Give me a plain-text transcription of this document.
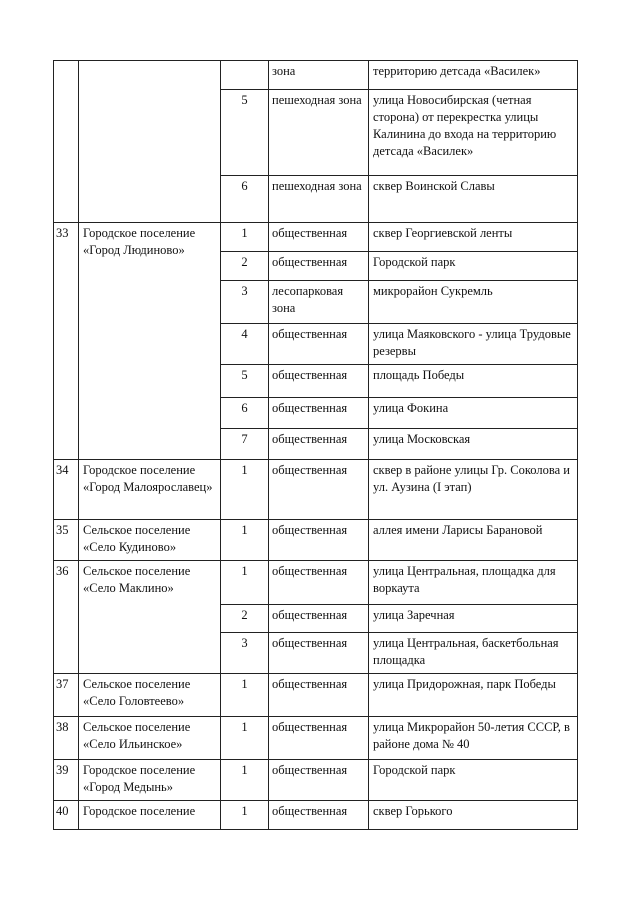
			зона	территорию детсада «Василек»
		5	пешеходная зона	улица Новосибирская (четная сторона) от перекрестка улицы Калинина до входа на территорию детсада «Василек»
		6	пешеходная зона	сквер Воинской Славы
33	Городское поселение «Город Людиново»	1	общественная	сквер Георгиевской ленты
		2	общественная	Городской парк
		3	лесопарковая зона	микрорайон Сукремль
		4	общественная	улица Маяковского - улица Трудовые резервы
		5	общественная	площадь Победы
		6	общественная	улица Фокина
		7	общественная	улица Московская
34	Городское поселение «Город Малоярославец»	1	общественная	сквер в районе улицы Гр. Соколова и ул. Аузина (I этап)
35	Сельское поселение «Село Кудиново»	1	общественная	аллея имени Ларисы Барановой
36	Сельское поселение «Село Маклино»	1	общественная	улица Центральная, площадка для воркаута
		2	общественная	улица Заречная
		3	общественная	улица Центральная, баскетбольная площадка
37	Сельское поселение «Село Головтеево»	1	общественная	улица Придорожная, парк Победы
38	Сельское поселение «Село Ильинское»	1	общественная	улица Микрорайон 50-летия СССР, в районе дома № 40
39	Городское поселение «Город Медынь»	1	общественная	Городской парк
40	Городское поселение	1	общественная	сквер Горького
